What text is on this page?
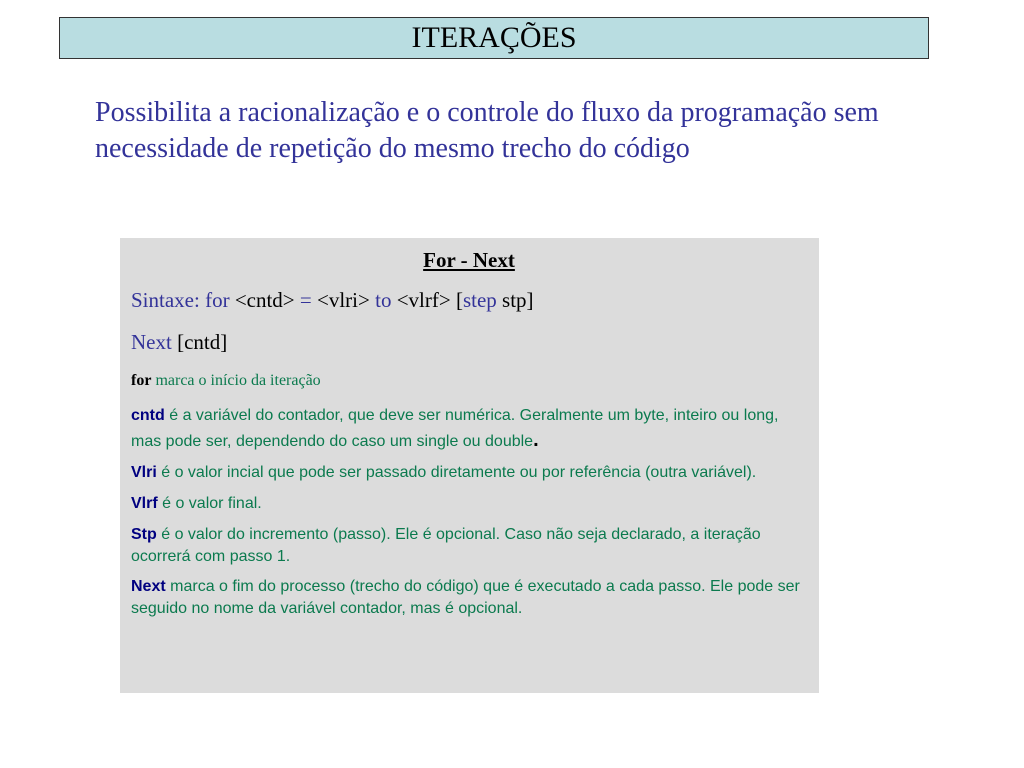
ITERAÇÕES

Possibilita a racionalização e o controle do fluxo da programação sem necessidade de repetição do mesmo trecho do código

For - Next

Sintaxe: for <cntd> = <vlri> to <vlrf> [step stp]

Next [cntd]

for marca o início da iteração

cntd é a variável do contador, que deve ser numérica. Geralmente um byte, inteiro ou long, mas pode ser, dependendo do caso um single ou double.

Vlri é o valor incial que pode ser passado diretamente ou por referência (outra variável).

Vlrf é o valor final.

Stp é o valor do incremento (passo). Ele é opcional. Caso não seja declarado, a iteração ocorrerá com passo 1.

Next marca o fim do processo (trecho do código) que é executado a cada passo. Ele pode ser seguido no nome da variável contador, mas é opcional.
